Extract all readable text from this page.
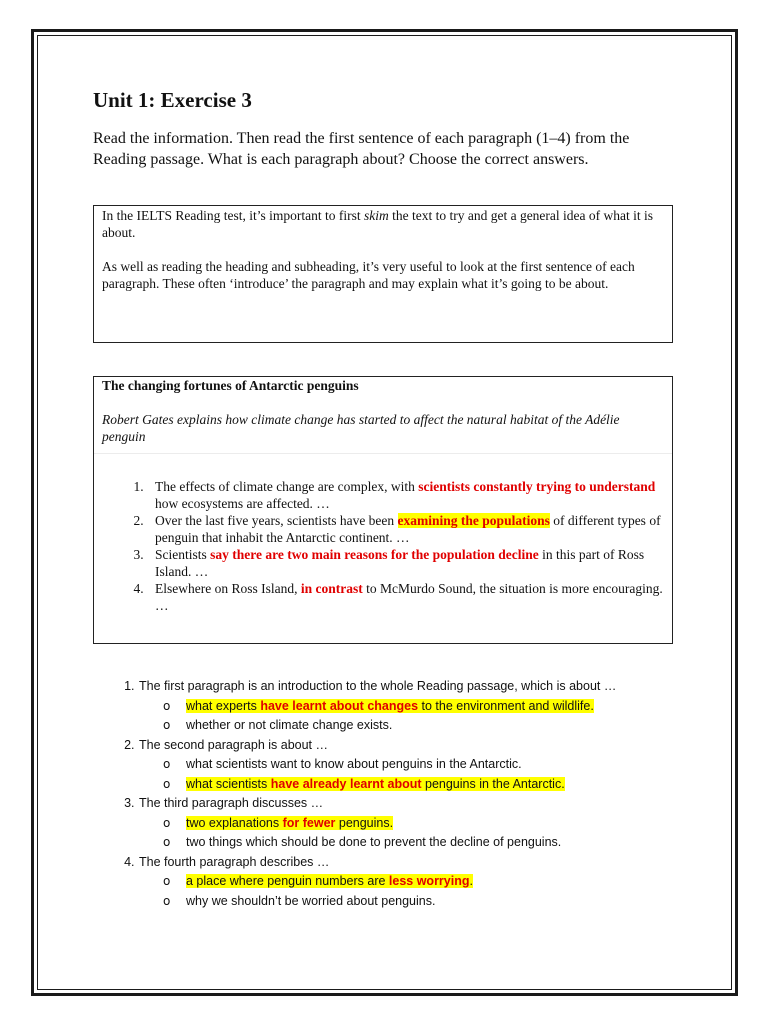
Unit 1: Exercise 3

Read the information. Then read the first sentence of each paragraph (1–4) from the Reading passage. What is each paragraph about? Choose the correct answers.

In the IELTS Reading test, it’s important to first skim the text to try and get a general idea of what it is about.

As well as reading the heading and subheading, it’s very useful to look at the first sentence of each paragraph. These often ‘introduce’ the paragraph and may explain what it’s going to be about.

The changing fortunes of Antarctic penguins

Robert Gates explains how climate change has started to affect the natural habitat of the Adélie penguin

1. The effects of climate change are complex, with scientists constantly trying to understand how ecosystems are affected. …
2. Over the last five years, scientists have been examining the populations of different types of penguin that inhabit the Antarctic continent. …
3. Scientists say there are two main reasons for the population decline in this part of Ross Island. …
4. Elsewhere on Ross Island, in contrast to McMurdo Sound, the situation is more encouraging. …
1. The first paragraph is an introduction to the whole Reading passage, which is about …
o what experts have learnt about changes to the environment and wildlife.
o whether or not climate change exists.
2. The second paragraph is about …
o what scientists want to know about penguins in the Antarctic.
o what scientists have already learnt about penguins in the Antarctic.
3. The third paragraph discusses …
o two explanations for fewer penguins.
o two things which should be done to prevent the decline of penguins.
4. The fourth paragraph describes …
o a place where penguin numbers are less worrying.
o why we shouldn’t be worried about penguins.
